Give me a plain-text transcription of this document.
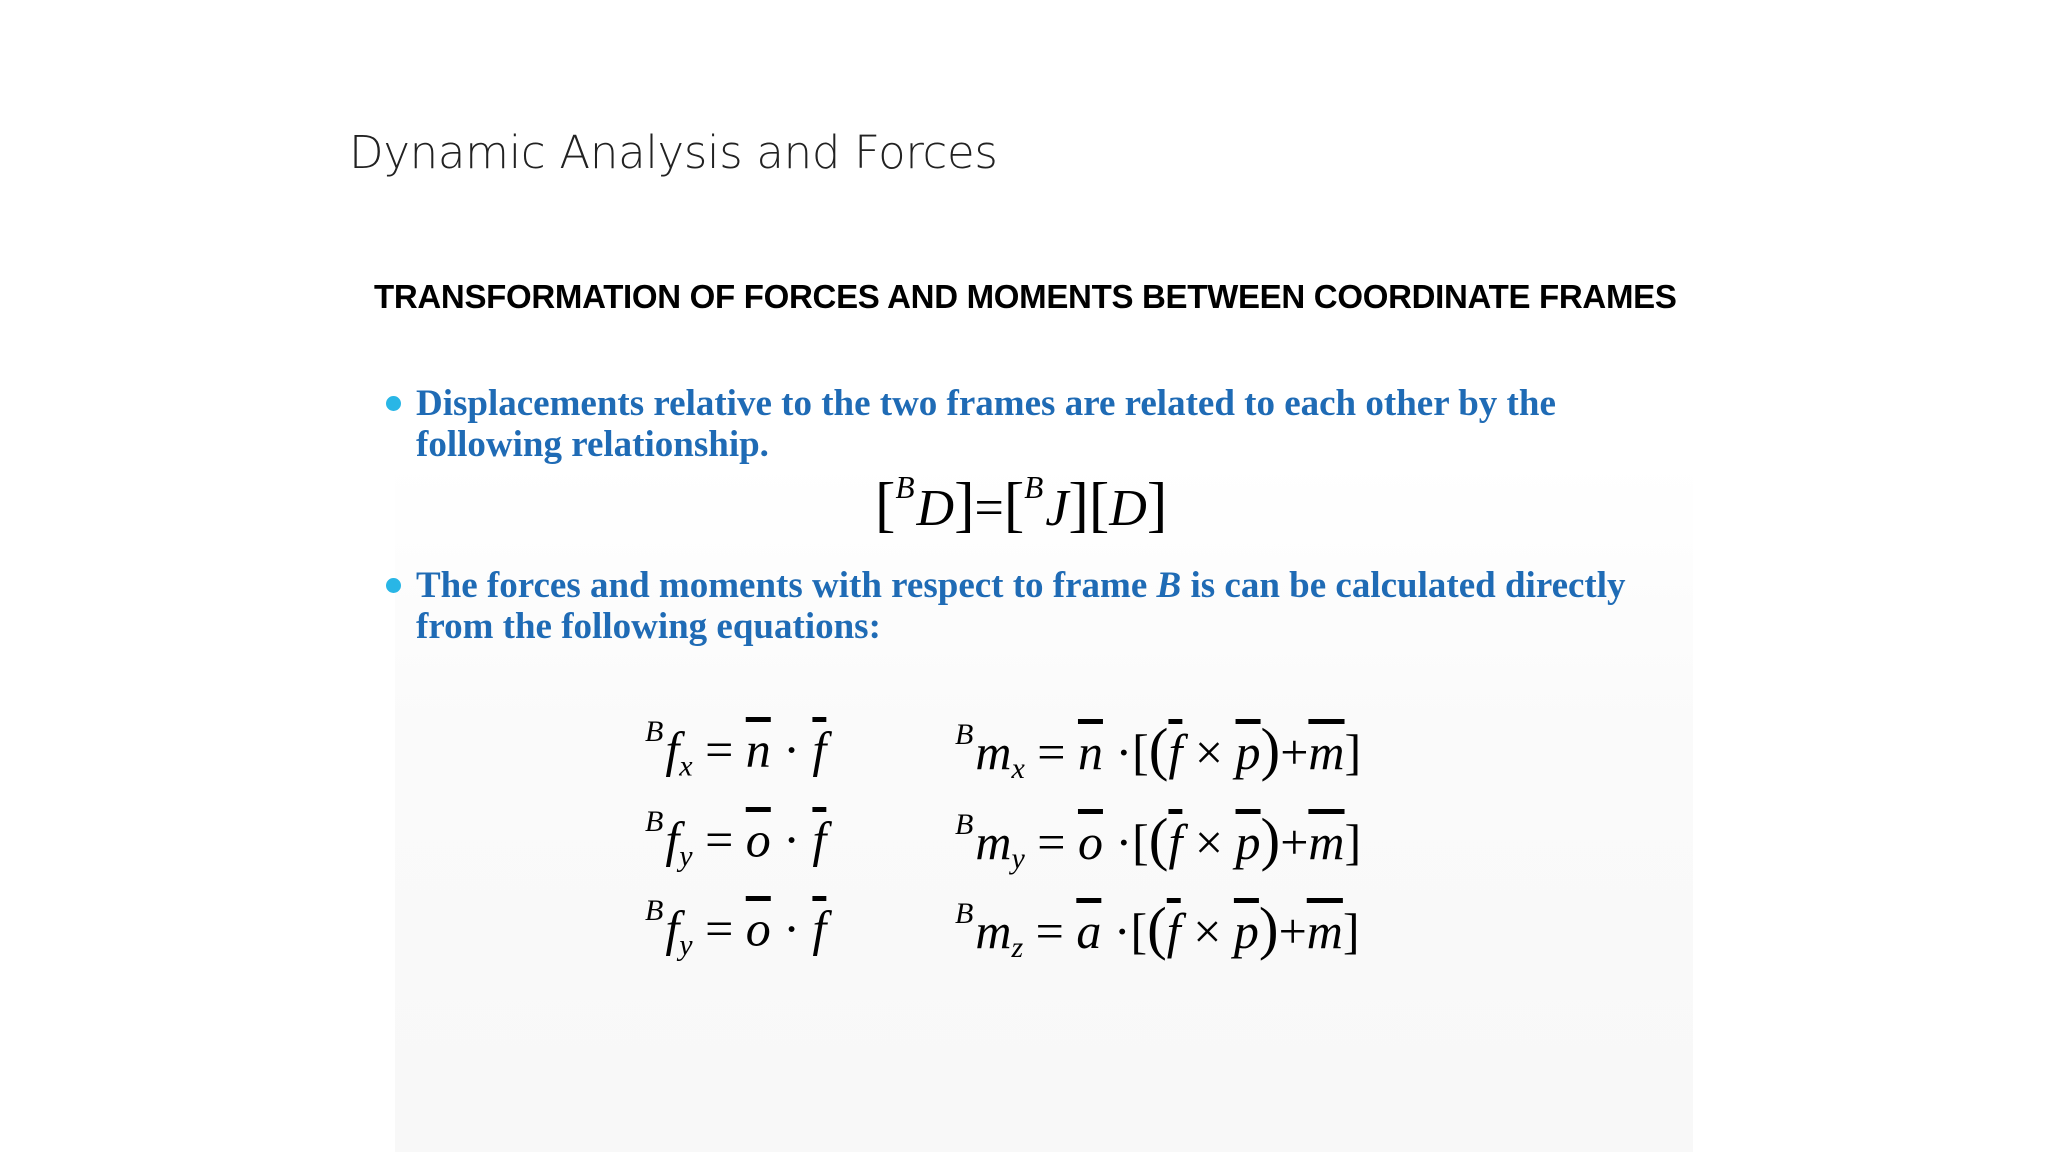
Dynamic Analysis and Forces
TRANSFORMATION OF FORCES AND MOMENTS BETWEEN COORDINATE FRAMES
Displacements relative to the two frames are related to each other by the
following relationship.
[$^B$D]=[$^B$J][D]
The forces and moments with respect to frame B is can be calculated directly
from the following equations:
$^Bf_x = \overline{n} \cdot \overline{f}$
$^Bf_y = \overline{o} \cdot \overline{f}$
$^Bf_y = \overline{o} \cdot \overline{f}$
$^Bm_x = \overline{n} \cdot[(\overline{f} \times \overline{p})+\overline{m}]$
$^Bm_y = \overline{o} \cdot[(\overline{f} \times \overline{p})+\overline{m}]$
$^Bm_z = \overline{a} \cdot[(\overline{f} \times \overline{p})+\overline{m}]$
